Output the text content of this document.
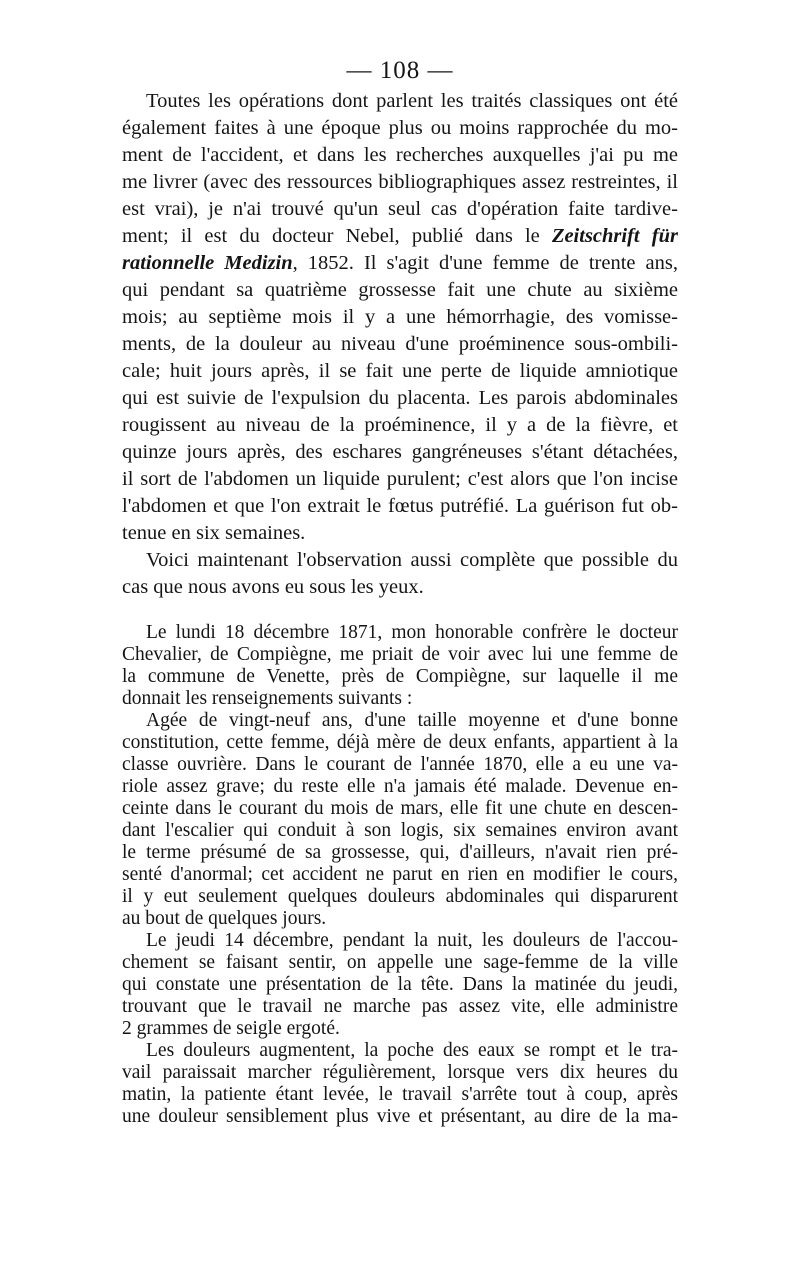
— 108 —
Toutes les opérations dont parlent les traités classiques ont été
également faites à une époque plus ou moins rapprochée du mo-
ment de l'accident, et dans les recherches auxquelles j'ai pu me
me livrer (avec des ressources bibliographiques assez restreintes, il
est vrai), je n'ai trouvé qu'un seul cas d'opération faite tardive-
ment; il est du docteur Nebel, publié dans le Zeitschrift für
rationnelle Medizin, 1852. Il s'agit d'une femme de trente ans,
qui pendant sa quatrième grossesse fait une chute au sixième
mois; au septième mois il y a une hémorrhagie, des vomisse-
ments, de la douleur au niveau d'une proéminence sous-ombili-
cale; huit jours après, il se fait une perte de liquide amniotique
qui est suivie de l'expulsion du placenta. Les parois abdominales
rougissent au niveau de la proéminence, il y a de la fièvre, et
quinze jours après, des eschares gangréneuses s'étant détachées,
il sort de l'abdomen un liquide purulent; c'est alors que l'on incise
l'abdomen et que l'on extrait le fœtus putréfié. La guérison fut ob-
tenue en six semaines.
Voici maintenant l'observation aussi complète que possible du
cas que nous avons eu sous les yeux.
Le lundi 18 décembre 1871, mon honorable confrère le docteur
Chevalier, de Compiègne, me priait de voir avec lui une femme de
la commune de Venette, près de Compiègne, sur laquelle il me
donnait les renseignements suivants :
Agée de vingt-neuf ans, d'une taille moyenne et d'une bonne
constitution, cette femme, déjà mère de deux enfants, appartient à la
classe ouvrière. Dans le courant de l'année 1870, elle a eu une va-
riole assez grave; du reste elle n'a jamais été malade. Devenue en-
ceinte dans le courant du mois de mars, elle fit une chute en descen-
dant l'escalier qui conduit à son logis, six semaines environ avant
le terme présumé de sa grossesse, qui, d'ailleurs, n'avait rien pré-
senté d'anormal; cet accident ne parut en rien en modifier le cours,
il y eut seulement quelques douleurs abdominales qui disparurent
au bout de quelques jours.
Le jeudi 14 décembre, pendant la nuit, les douleurs de l'accou-
chement se faisant sentir, on appelle une sage-femme de la ville
qui constate une présentation de la tête. Dans la matinée du jeudi,
trouvant que le travail ne marche pas assez vite, elle administre
2 grammes de seigle ergoté.
Les douleurs augmentent, la poche des eaux se rompt et le tra-
vail paraissait marcher régulièrement, lorsque vers dix heures du
matin, la patiente étant levée, le travail s'arrête tout à coup, après
une douleur sensiblement plus vive et présentant, au dire de la ma-
